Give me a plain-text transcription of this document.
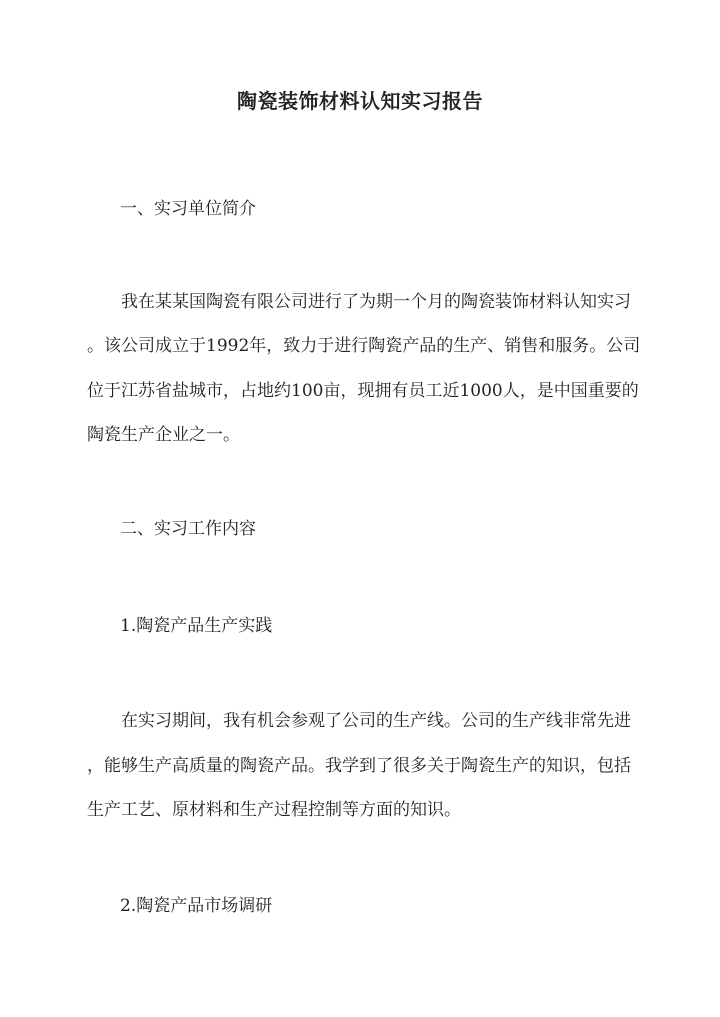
陶瓷装饰材料认知实习报告
一、实习单位简介
我在某某国陶瓷有限公司进行了为期一个月的陶瓷装饰材料认知实习
。该公司成立于1992年，致力于进行陶瓷产品的生产、销售和服务。公司
位于江苏省盐城市，占地约100亩，现拥有员工近1000人，是中国重要的
陶瓷生产企业之一。
二、实习工作内容
1.陶瓷产品生产实践
在实习期间，我有机会参观了公司的生产线。公司的生产线非常先进
，能够生产高质量的陶瓷产品。我学到了很多关于陶瓷生产的知识，包括
生产工艺、原材料和生产过程控制等方面的知识。
2.陶瓷产品市场调研
